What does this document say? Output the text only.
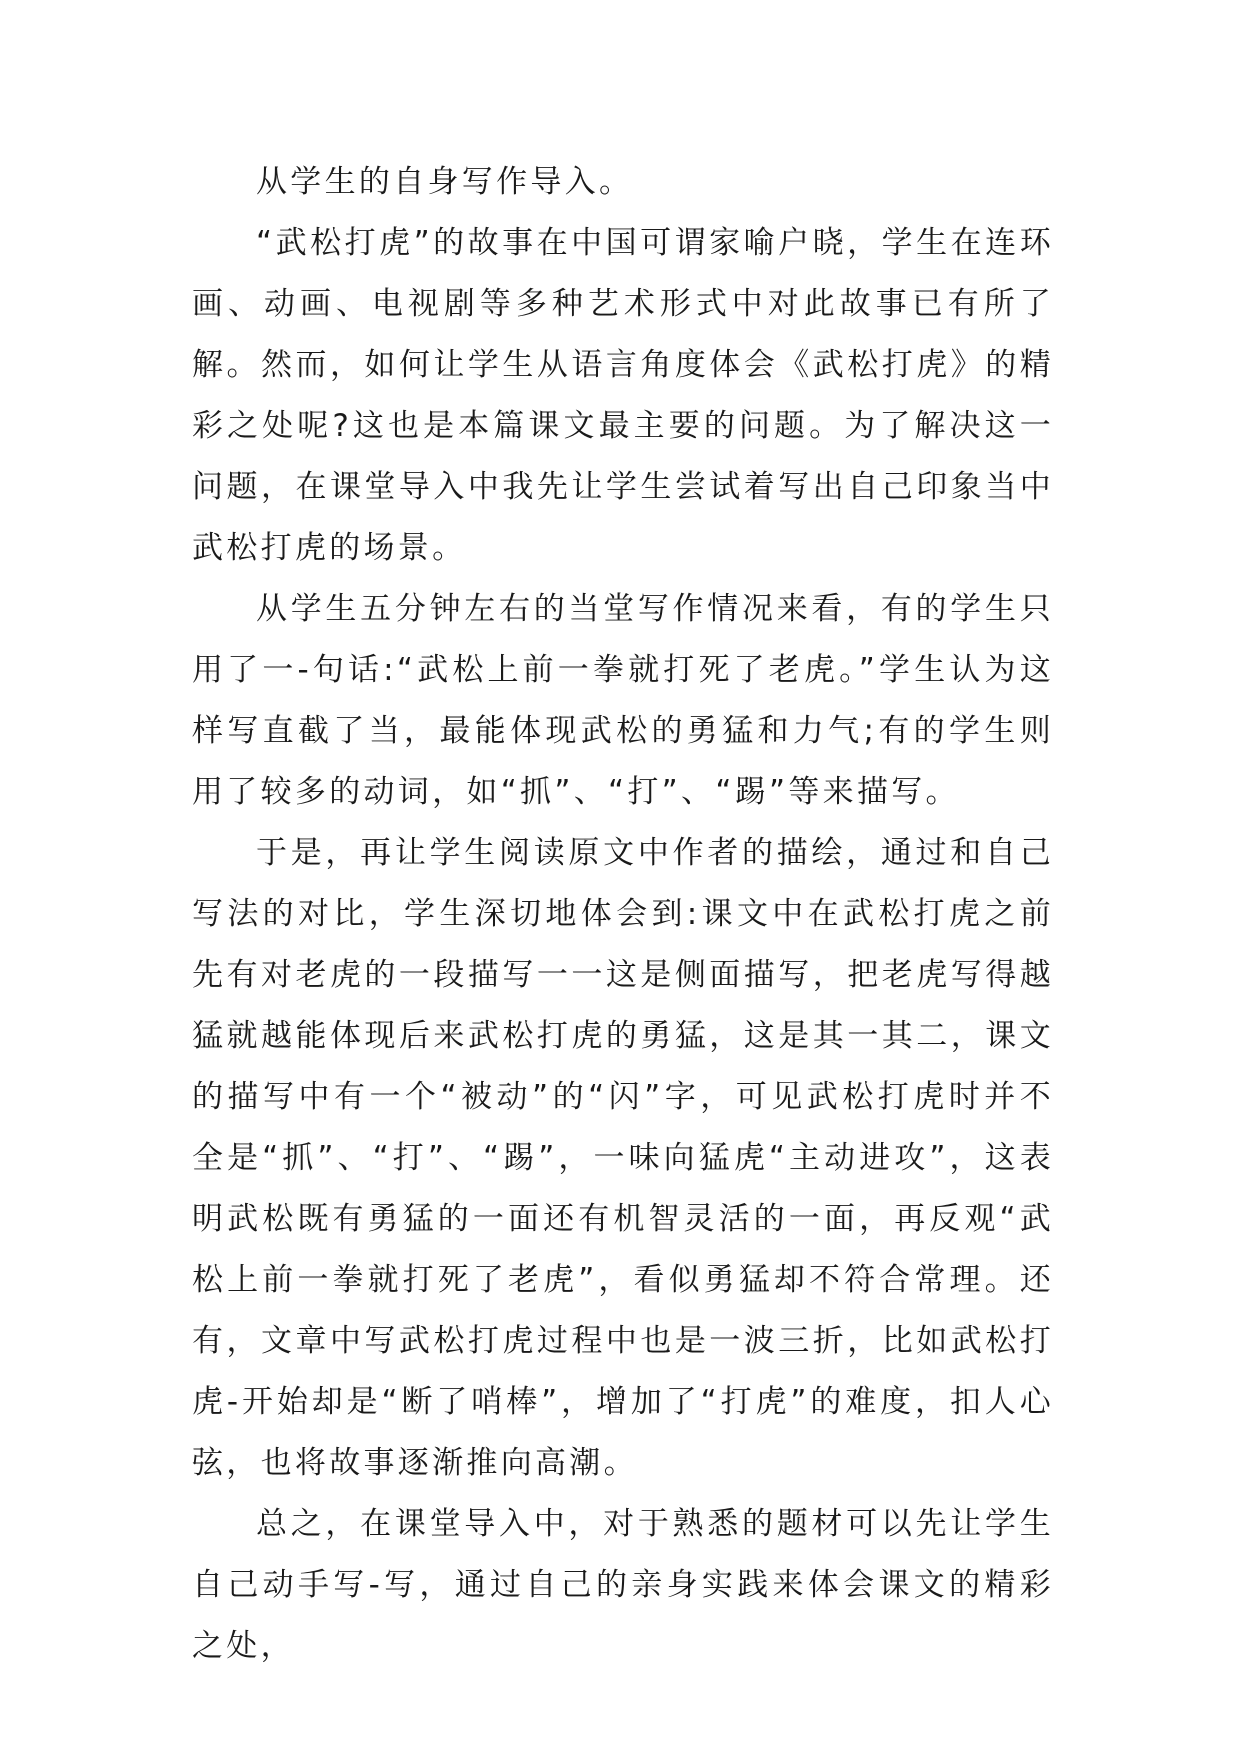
从学生的自身写作导入。

“武松打虎”的故事在中国可谓家喻户晓，学生在连环画、动画、电视剧等多种艺术形式中对此故事已有所了解。然而，如何让学生从语言角度体会《武松打虎》的精彩之处呢?这也是本篇课文最主要的问题。为了解决这一问题，在课堂导入中我先让学生尝试着写出自己印象当中武松打虎的场景。

从学生五分钟左右的当堂写作情况来看，有的学生只用了一-句话:“武松上前一拳就打死了老虎。”学生认为这样写直截了当，最能体现武松的勇猛和力气;有的学生则用了较多的动词，如“抓”、“打”、“踢”等来描写。

于是，再让学生阅读原文中作者的描绘，通过和自己写法的对比，学生深切地体会到:课文中在武松打虎之前先有对老虎的一段描写一一这是侧面描写，把老虎写得越猛就越能体现后来武松打虎的勇猛，这是其一其二，课文的描写中有一个“被动”的“闪”字，可见武松打虎时并不全是“抓”、“打”、“踢”，一味向猛虎“主动进攻”，这表明武松既有勇猛的一面还有机智灵活的一面，再反观“武松上前一拳就打死了老虎”，看似勇猛却不符合常理。还有，文章中写武松打虎过程中也是一波三折，比如武松打虎-开始却是“断了哨棒”，增加了“打虎”的难度，扣人心弦，也将故事逐渐推向高潮。

总之，在课堂导入中，对于熟悉的题材可以先让学生自己动手写-写，通过自己的亲身实践来体会课文的精彩之处，
